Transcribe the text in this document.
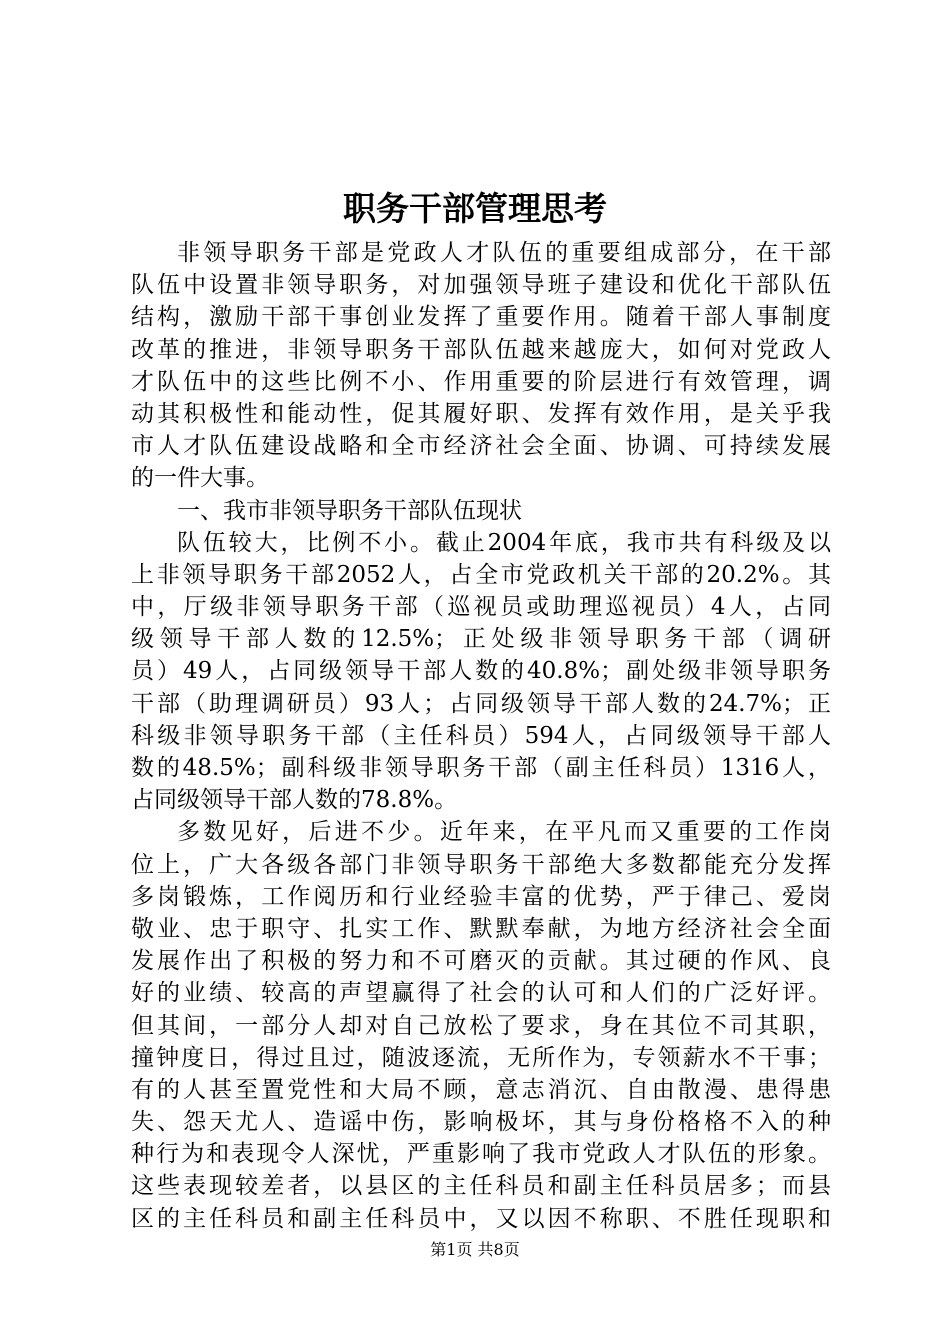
职务干部管理思考
非领导职务干部是党政人才队伍的重要组成部分，在干部
队伍中设置非领导职务，对加强领导班子建设和优化干部队伍
结构，激励干部干事创业发挥了重要作用。随着干部人事制度
改革的推进，非领导职务干部队伍越来越庞大，如何对党政人
才队伍中的这些比例不小、作用重要的阶层进行有效管理，调
动其积极性和能动性，促其履好职、发挥有效作用，是关乎我
市人才队伍建设战略和全市经济社会全面、协调、可持续发展
的一件大事。
一、我市非领导职务干部队伍现状
队伍较大，比例不小。截止2004年底，我市共有科级及以
上非领导职务干部2052人，占全市党政机关干部的20.2%。其
中，厅级非领导职务干部（巡视员或助理巡视员）4人，占同
级领导干部人数的12.5%；正处级非领导职务干部（调研
员）49人，占同级领导干部人数的40.8%；副处级非领导职务
干部（助理调研员）93人；占同级领导干部人数的24.7%；正
科级非领导职务干部（主任科员）594人，占同级领导干部人
数的48.5%；副科级非领导职务干部（副主任科员）1316人，
占同级领导干部人数的78.8%。
多数见好，后进不少。近年来，在平凡而又重要的工作岗
位上，广大各级各部门非领导职务干部绝大多数都能充分发挥
多岗锻炼，工作阅历和行业经验丰富的优势，严于律己、爱岗
敬业、忠于职守、扎实工作、默默奉献，为地方经济社会全面
发展作出了积极的努力和不可磨灭的贡献。其过硬的作风、良
好的业绩、较高的声望赢得了社会的认可和人们的广泛好评。
但其间，一部分人却对自己放松了要求，身在其位不司其职，
撞钟度日，得过且过，随波逐流，无所作为，专领薪水不干事；
有的人甚至置党性和大局不顾，意志消沉、自由散漫、患得患
失、怨天尤人、造谣中伤，影响极坏，其与身份格格不入的种
种行为和表现令人深忧，严重影响了我市党政人才队伍的形象。
这些表现较差者，以县区的主任科员和副主任科员居多；而县
区的主任科员和副主任科员中，又以因不称职、不胜任现职和
第1页 共8页
